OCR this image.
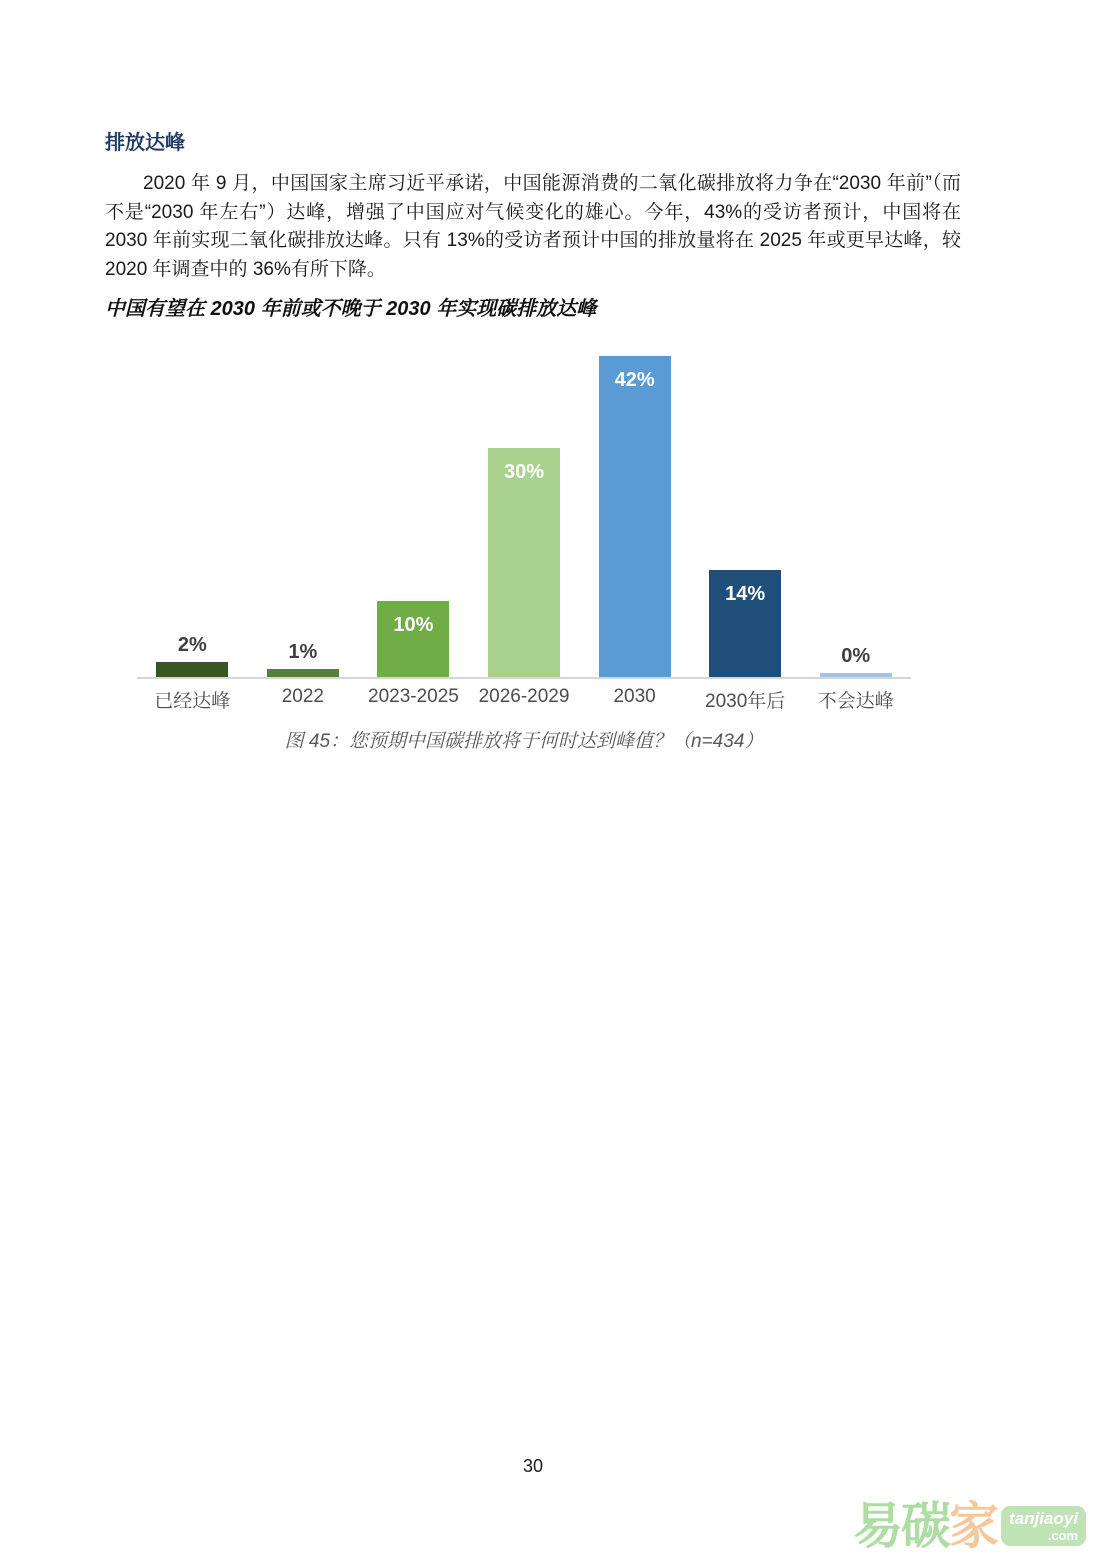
排放达峰
2020 年 9 月，中国国家主席习近平承诺，中国能源消费的二氧化碳排放将力争在“2030 年前”（而不是“2030 年左右”）达峰，增强了中国应对气候变化的雄心。今年，43%的受访者预计，中国将在 2030 年前实现二氧化碳排放达峰。只有 13%的受访者预计中国的排放量将在 2025 年或更早达峰，较 2020 年调查中的 36%有所下降。
中国有望在 2030 年前或不晚于 2030 年实现碳排放达峰
2%	1%
10%
30%
42%
14%
0%
已经达峰	2022	2023-2025	2026-2029	2030	2030年后	不会达峰
图 45：您预期中国碳排放将于何时达到峰值？（n=434）
30
易碳 家 tanjiaoyi
.com
